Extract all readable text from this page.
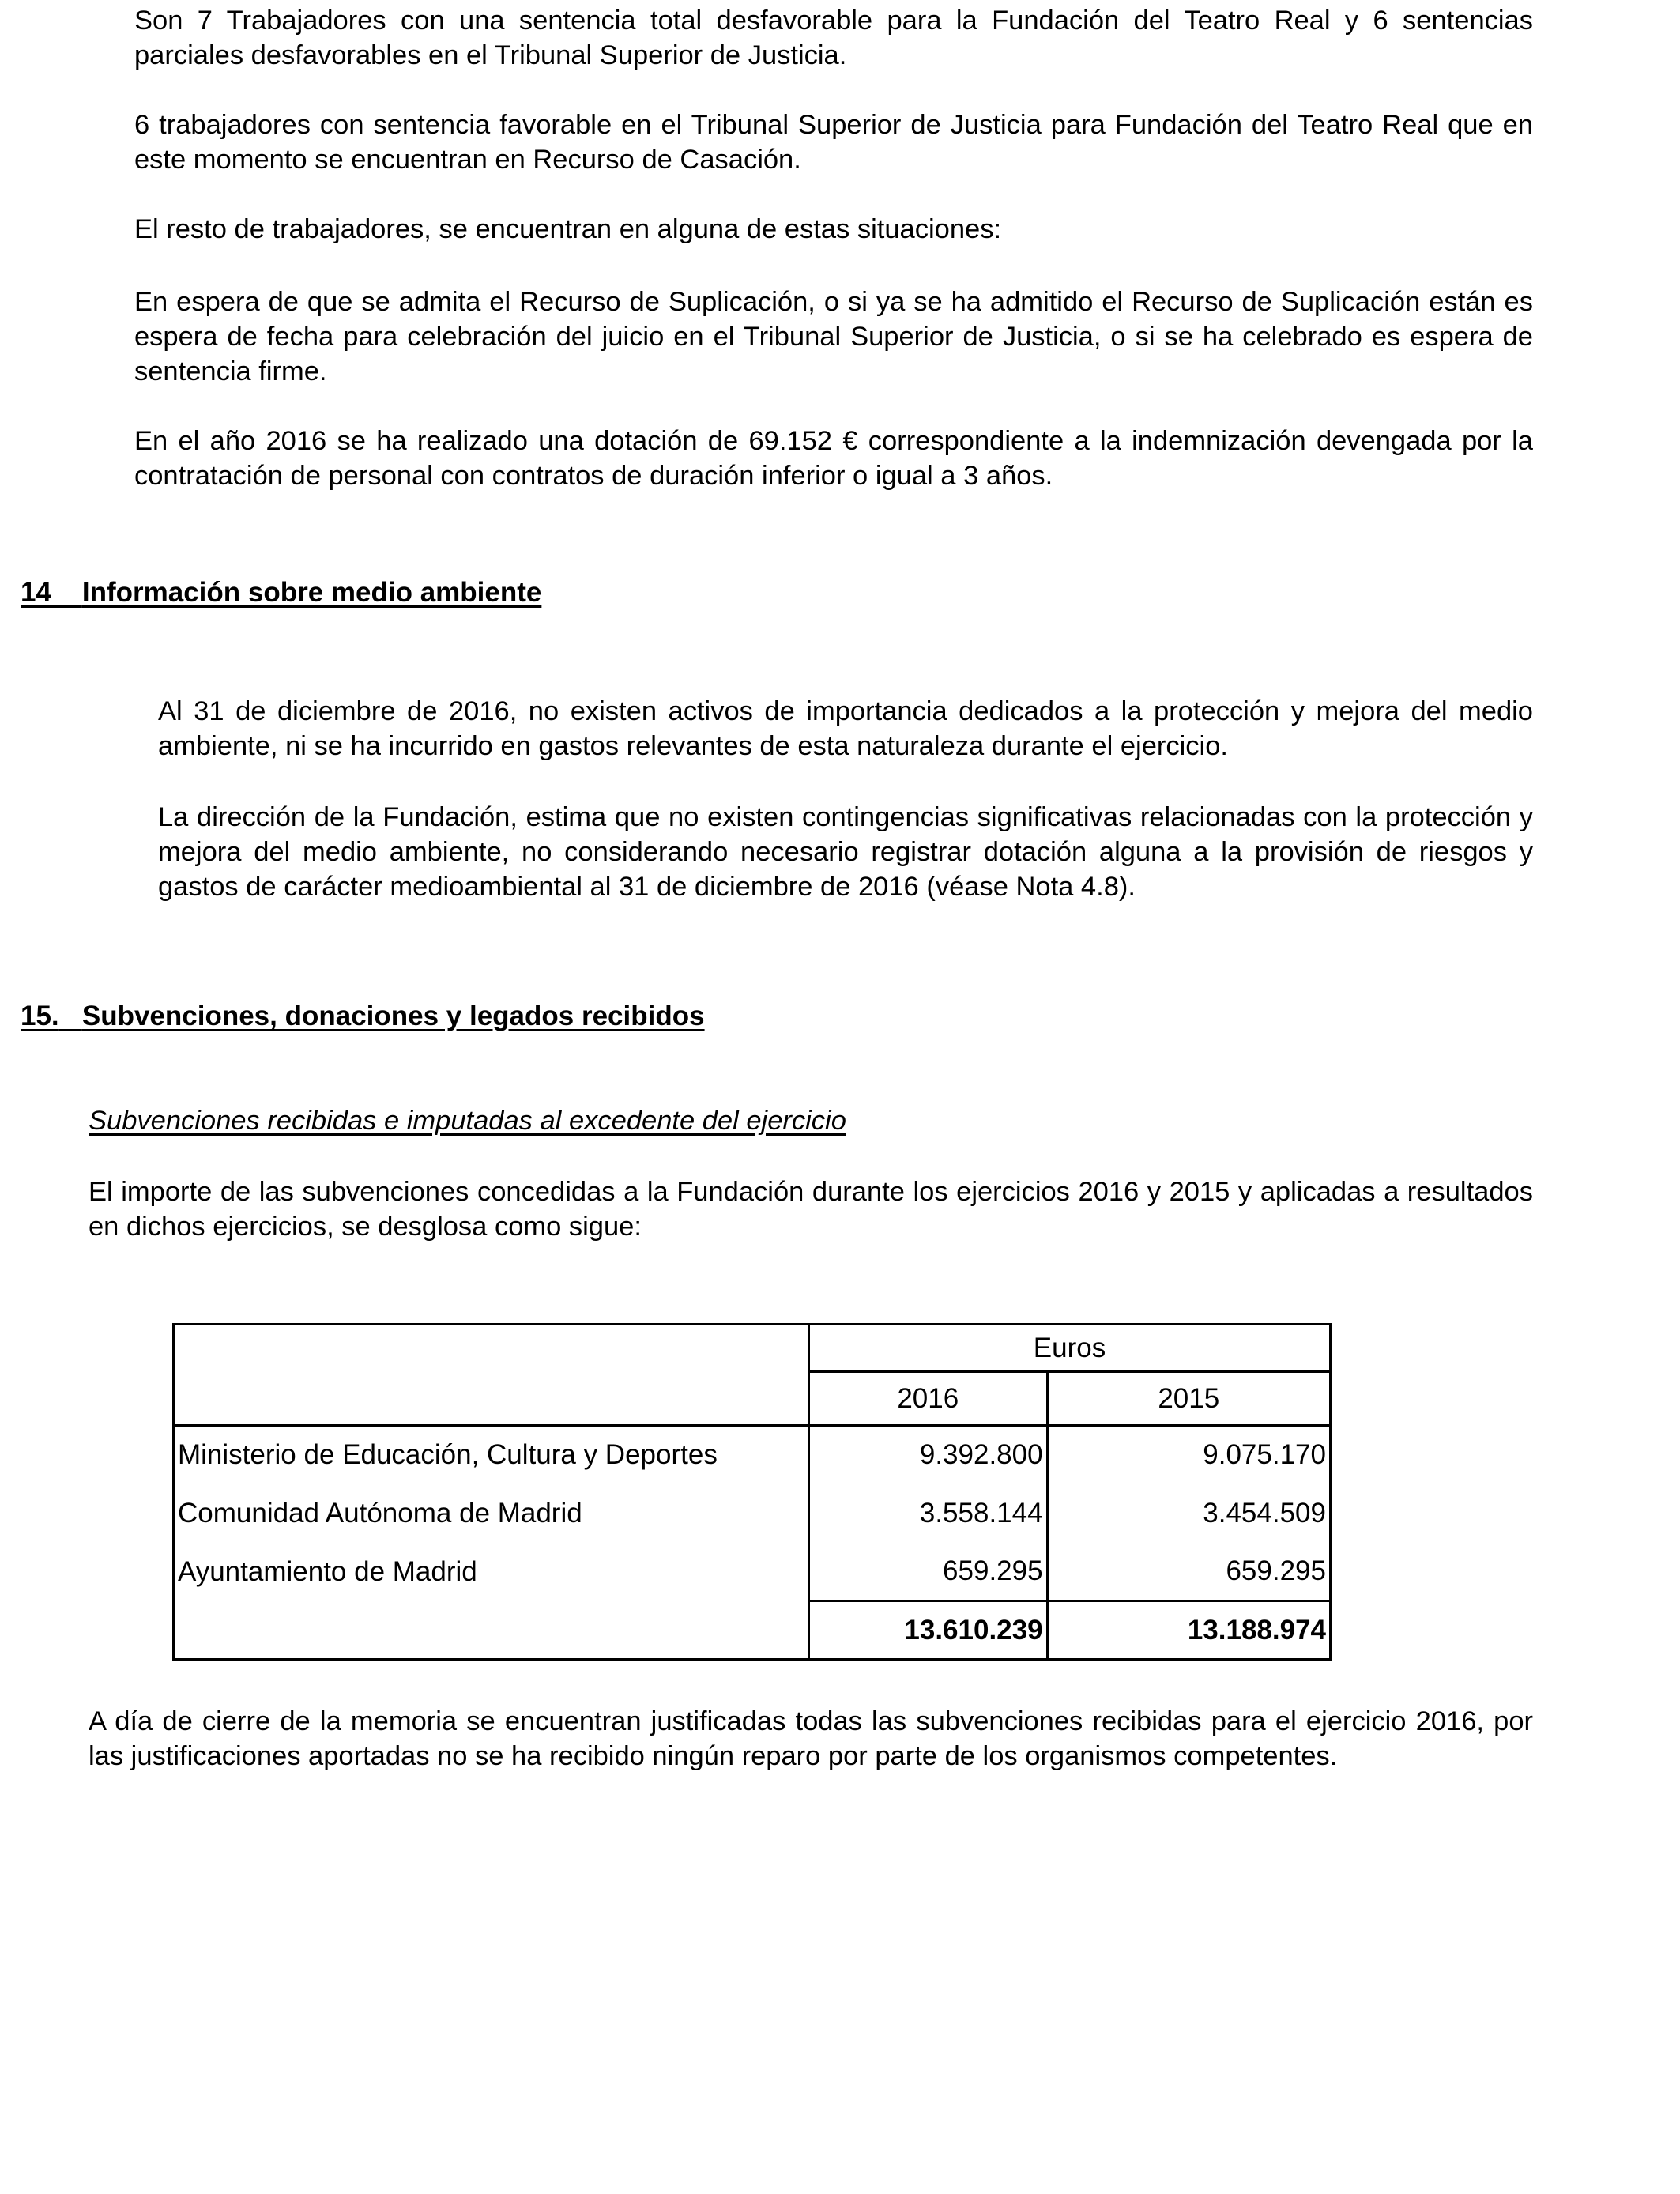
Son 7 Trabajadores con una sentencia total desfavorable para la Fundación del Teatro Real y 6 sentencias parciales desfavorables en el Tribunal Superior de Justicia.

6 trabajadores con sentencia favorable en el Tribunal Superior de Justicia para Fundación del Teatro Real que en este momento se encuentran en Recurso de Casación.

El resto de trabajadores, se encuentran en alguna de estas situaciones:

En espera de que se admita el Recurso de Suplicación, o si ya se ha admitido el Recurso de Suplicación están es espera de fecha para celebración del juicio en el Tribunal Superior de Justicia, o si se ha celebrado es espera de sentencia firme.

En el año 2016 se ha realizado una dotación de 69.152 € correspondiente a la indemnización devengada por la contratación de personal con contratos de duración inferior o igual a 3 años.

14 Información sobre medio ambiente

Al 31 de diciembre de 2016, no existen activos de importancia dedicados a la protección y mejora del medio ambiente, ni se ha incurrido en gastos relevantes de esta naturaleza durante el ejercicio.

La dirección de la Fundación, estima que no existen contingencias significativas relacionadas con la protección y mejora del medio ambiente, no considerando necesario registrar dotación alguna a la provisión de riesgos y gastos de carácter medioambiental al 31 de diciembre de 2016 (véase Nota 4.8).

15. Subvenciones, donaciones y legados recibidos

Subvenciones recibidas e imputadas al excedente del ejercicio

El importe de las subvenciones concedidas a la Fundación durante los ejercicios 2016 y 2015 y aplicadas a resultados en dichos ejercicios, se desglosa como sigue:

	Euros	
	2016	2015
Ministerio de Educación, Cultura y Deportes	9.392.800	9.075.170
Comunidad Autónoma de Madrid	3.558.144	3.454.509
Ayuntamiento de Madrid	659.295	659.295
	13.610.239	13.188.974

A día de cierre de la memoria se encuentran justificadas todas las subvenciones recibidas para el ejercicio 2016, por las justificaciones aportadas no se ha recibido ningún reparo por parte de los organismos competentes.
